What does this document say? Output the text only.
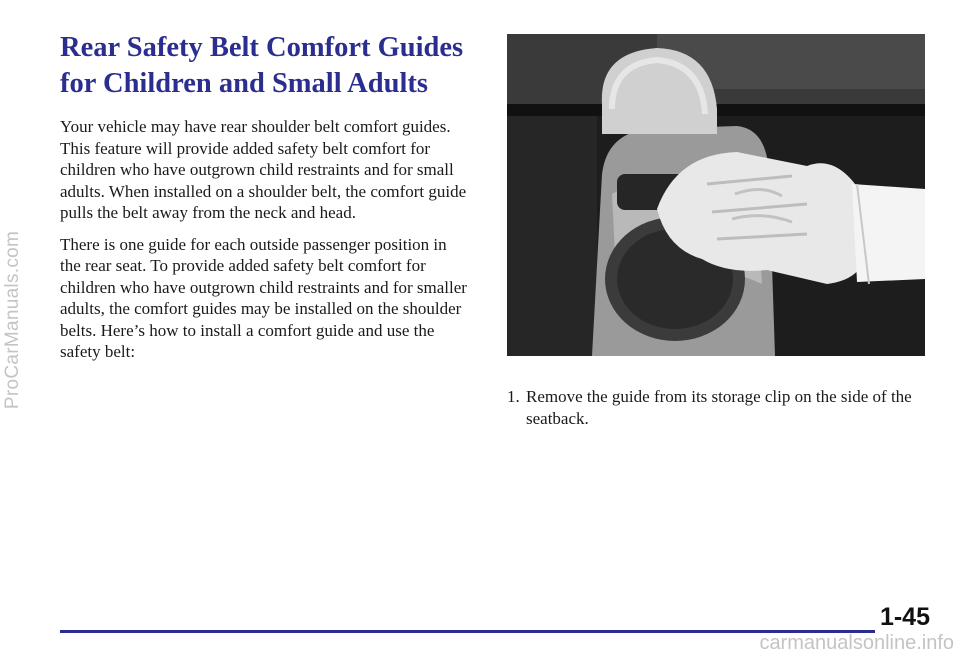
ProCarManuals.com
Rear Safety Belt Comfort Guides for Children and Small Adults

Your vehicle may have rear shoulder belt comfort guides. This feature will provide added safety belt comfort for children who have outgrown child restraints and for small adults. When installed on a shoulder belt, the comfort guide pulls the belt away from the neck and head.

There is one guide for each outside passenger position in the rear seat. To provide added safety belt comfort for children who have outgrown child restraints and for smaller adults, the comfort guides may be installed on the shoulder belts. Here’s how to install a comfort guide and use the safety belt:

1. Remove the guide from its storage clip on the side of the seatback.
1-45
carmanualsonline.info
